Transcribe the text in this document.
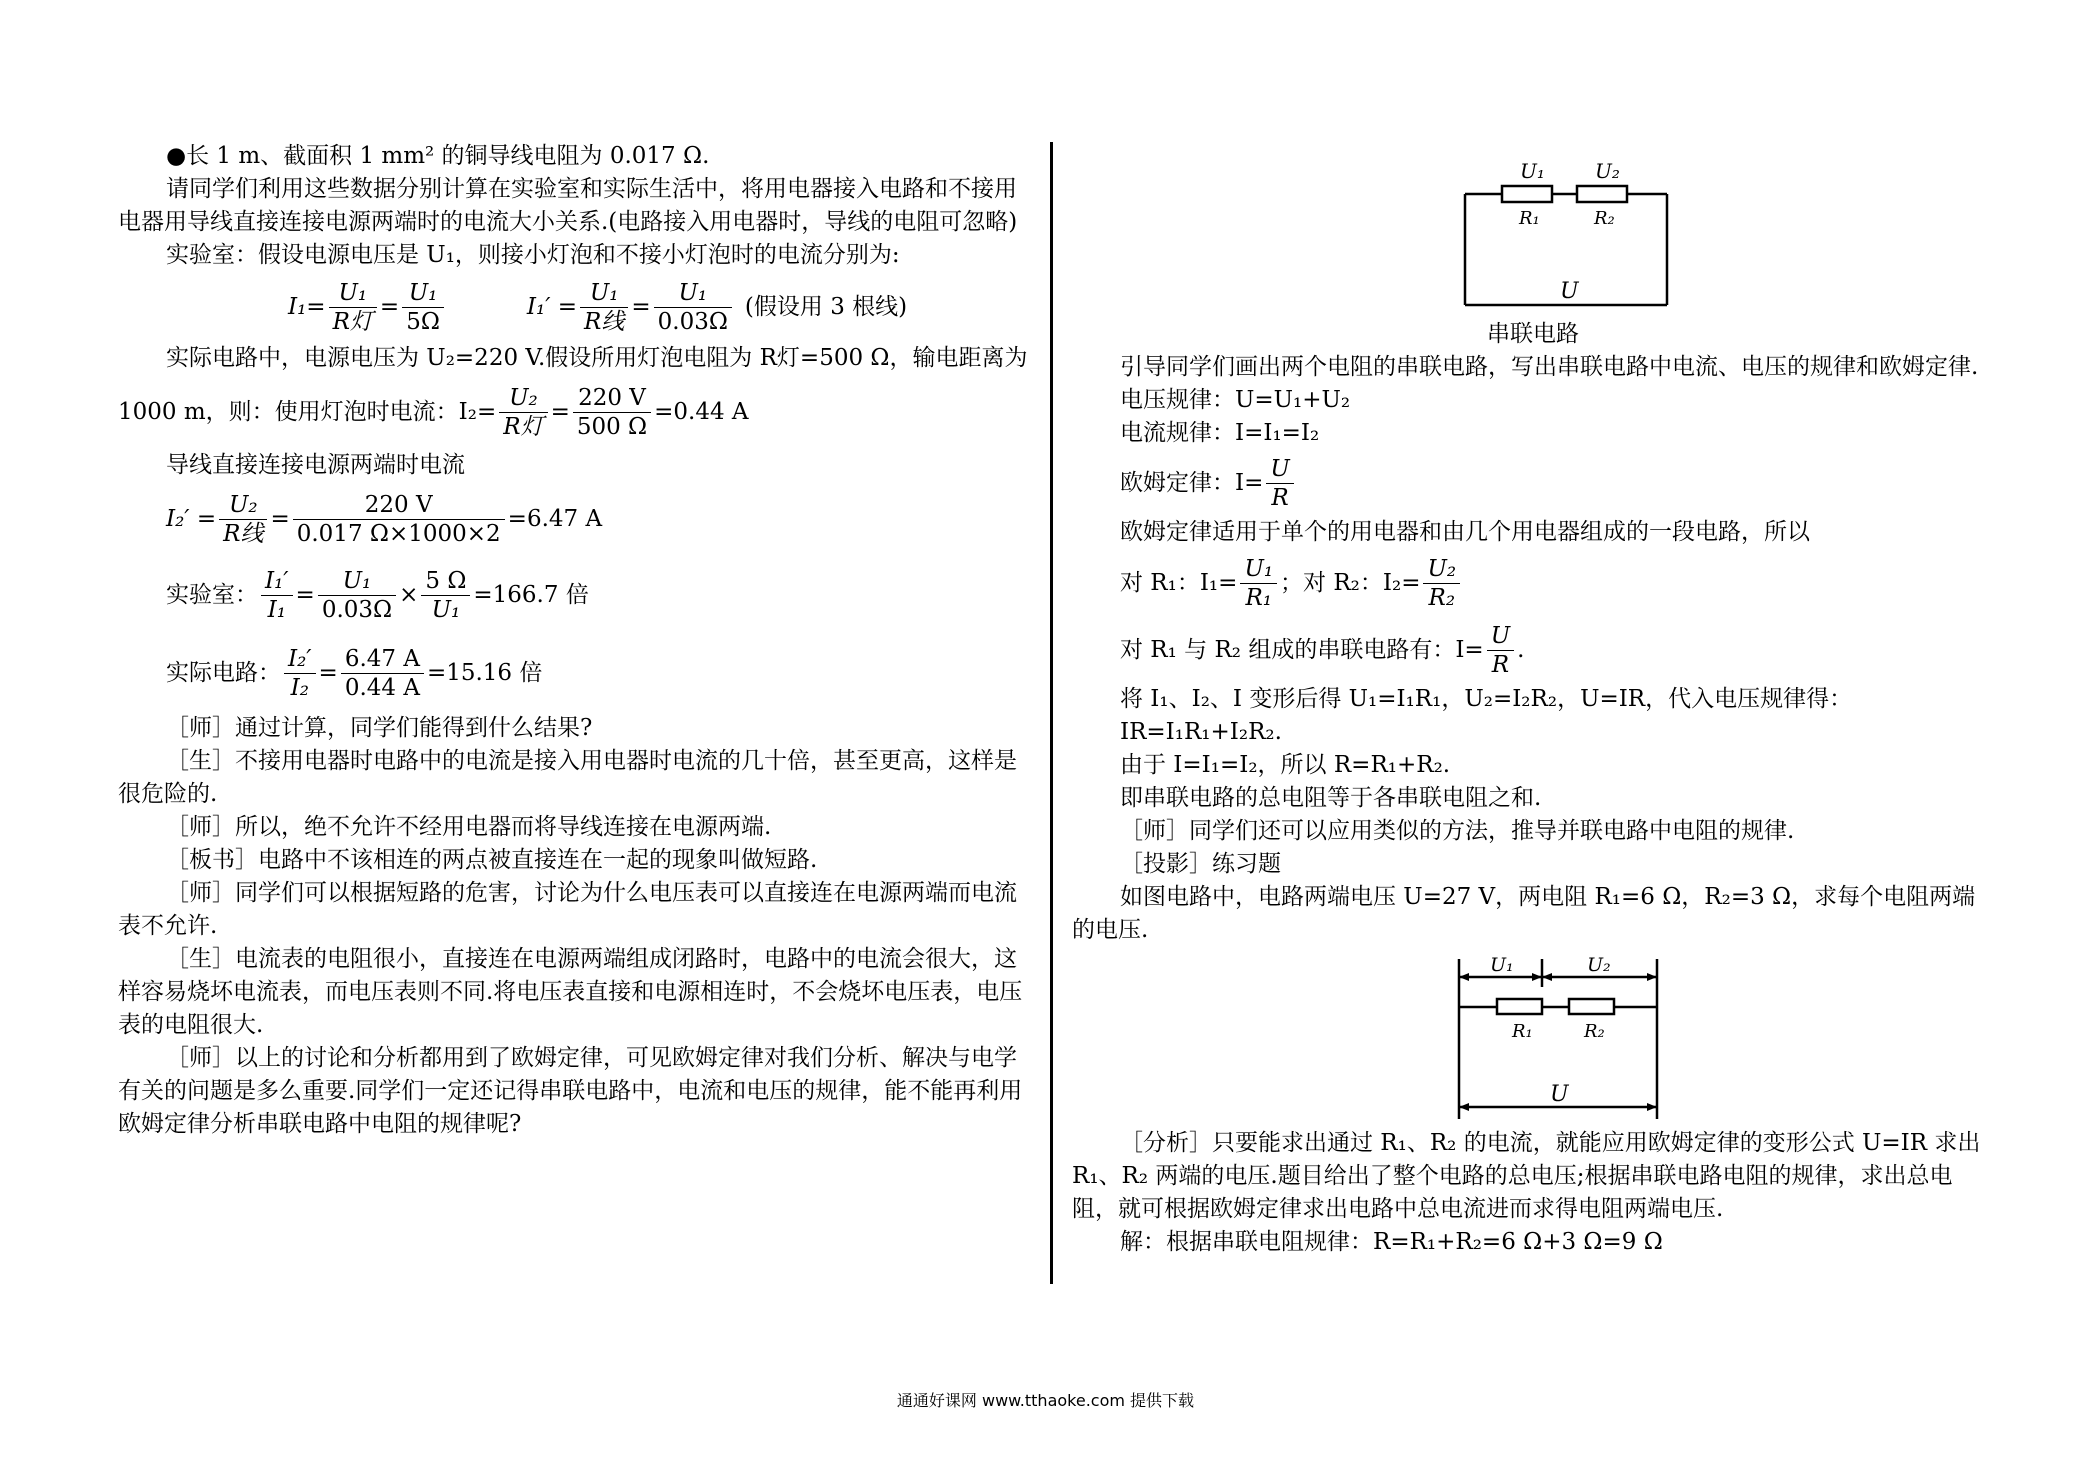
●长 1 m、截面积 1 mm² 的铜导线电阻为 0.017 Ω.

请同学们利用这些数据分别计算在实验室和实际生活中，将用电器接入电路和不接用电器用导线直接连接电源两端时的电流大小关系.(电路接入用电器时，导线的电阻可忽略)

实验室：假设电源电压是 U₁，则接小灯泡和不接小灯泡时的电流分别为:

$I_1= \frac{\text{U₁}}{\text{R灯}} = \frac{\text{U₁}}{5\Omega}$	$I_1' = \frac{\text{U₁}}{\text{R线}} = \frac{\text{U₁}}{0.03\Omega}$ (假设用 3 根线)

实际电路中，电源电压为 U₂=220 V.假设所用灯泡电阻为 R灯=500 Ω，输电距离为

1000 m，则：使用灯泡时电流：$I_2= \frac{\text{U₂}}{\text{R灯}} = \frac{220 V}{500 \Omega} =0.44$ A

导线直接连接电源两端时电流

$I_2' = \frac{\text{U₂}}{\text{R线}} = \frac{220 V}{0.017 \Omega\times 1000\times 2} =6.47$ A
实验室： $\frac{\text{I₁′}}{\text{I₁}} = \frac{\text{U₁}}{0.03\Omega} \times \frac{5 \Omega}{\text{U₁}} =166.7$ 倍
实际电路： $\frac{\text{I₂′}}{\text{I₂}} = \frac{6.47 A}{0.44 A} =15.16$ 倍

［师］通过计算，同学们能得到什么结果?

［生］不接用电器时电路中的电流是接入用电器时电流的几十倍，甚至更高，这样是很危险的.

［师］所以，绝不允许不经用电器而将导线连接在电源两端.

［板书］电路中不该相连的两点被直接连在一起的现象叫做短路.

［师］同学们可以根据短路的危害，讨论为什么电压表可以直接连在电源两端而电流表不允许.

［生］电流表的电阻很小，直接连在电源两端组成闭路时，电路中的电流会很大，这样容易烧坏电流表，而电压表则不同.将电压表直接和电源相连时，不会烧坏电压表，电压表的电阻很大.

［师］以上的讨论和分析都用到了欧姆定律，可见欧姆定律对我们分析、解决与电学有关的问题是多么重要.同学们一定还记得串联电路中，电流和电压的规律，能不能再利用欧姆定律分析串联电路中电阻的规律呢?

U₁	U₂
R₁	R₂
U
串联电路

引导同学们画出两个电阻的串联电路，写出串联电路中电流、电压的规律和欧姆定律.

电压规律：U=U₁+U₂

电流规律：I=I₁=I₂

欧姆定律：$I= \frac{U}{R}$

欧姆定律适用于单个的用电器和由几个用电器组成的一段电路，所以

对 R₁：$I_1= \frac{\text{U₁}}{\text{R₁}}$ ；对 R₂：$I_2= \frac{\text{U₂}}{\text{R₂}}$
对 R₁ 与 R₂ 组成的串联电路有：$I= \frac{U}{R}$ .

将 I₁、I₂、I 变形后得 U₁=I₁R₁，U₂=I₂R₂，U=IR，代入电压规律得：IR=I₁R₁+I₂R₂.

由于 I=I₁=I₂，所以 R=R₁+R₂.

即串联电路的总电阻等于各串联电阻之和.

［师］同学们还可以应用类似的方法，推导并联电路中电阻的规律.

［投影］练习题

如图电路中，电路两端电压 U=27 V，两电阻 R₁=6 Ω，R₂=3 Ω，求每个电阻两端的电压.

U₁	U₂
R₁	R₂
U

［分析］只要能求出通过 R₁、R₂ 的电流，就能应用欧姆定律的变形公式 U=IR 求出 R₁、R₂ 两端的电压.题目给出了整个电路的总电压;根据串联电路电阻的规律，求出总电阻，就可根据欧姆定律求出电路中总电流进而求得电阻两端电压.

解：根据串联电阻规律：R=R₁+R₂=6 Ω+3 Ω=9 Ω

通通好课网 www.tthaoke.com 提供下载
